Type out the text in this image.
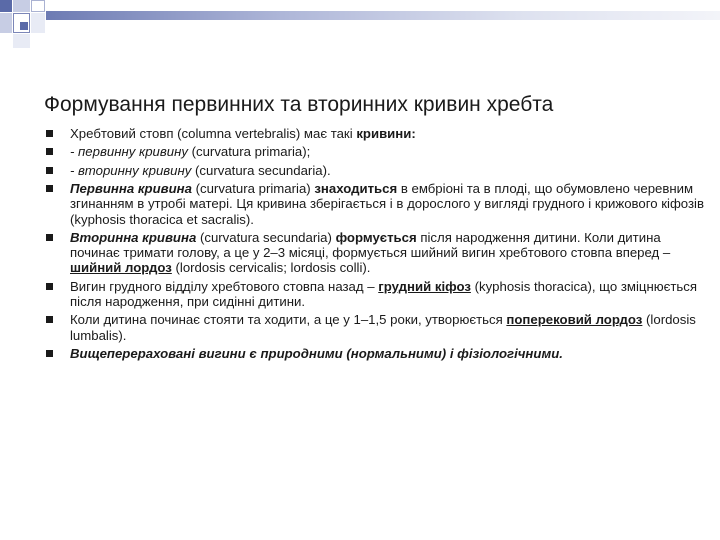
Формування первинних та вторинних кривин хребта
Хребтовий стовп (columna vertebralis) має такі кривини:
- первинну кривину (curvatura primaria);
- вторинну кривину (curvatura secundaria).
Первинна кривина (curvatura primaria) знаходиться в ембріоні та в плоді, що обумовлено черевним згинанням в утробі матері. Ця кривина зберігається і в дорослого у вигляді грудного і крижового кіфозів (kyphosis thoracica et sacralis).
Вторинна кривина (curvatura secundaria) формується після народження дитини. Коли дитина починає тримати голову, а це у 2–3 місяці, формується шийний вигин хребтового стовпа вперед – шийний лордоз (lordosis cervicalis; lordosis colli).
Вигин грудного відділу хребтового стовпа назад – грудний кіфоз (kyphosis thoracica), що зміцнюється після народження, при сидінні дитини.
Коли дитина починає стояти та ходити, а це у 1–1,5 роки, утворюється поперековий лордоз (lordosis lumbalis).
Вищеперераховані вигини є природними (нормальними) і фізіологічними.
